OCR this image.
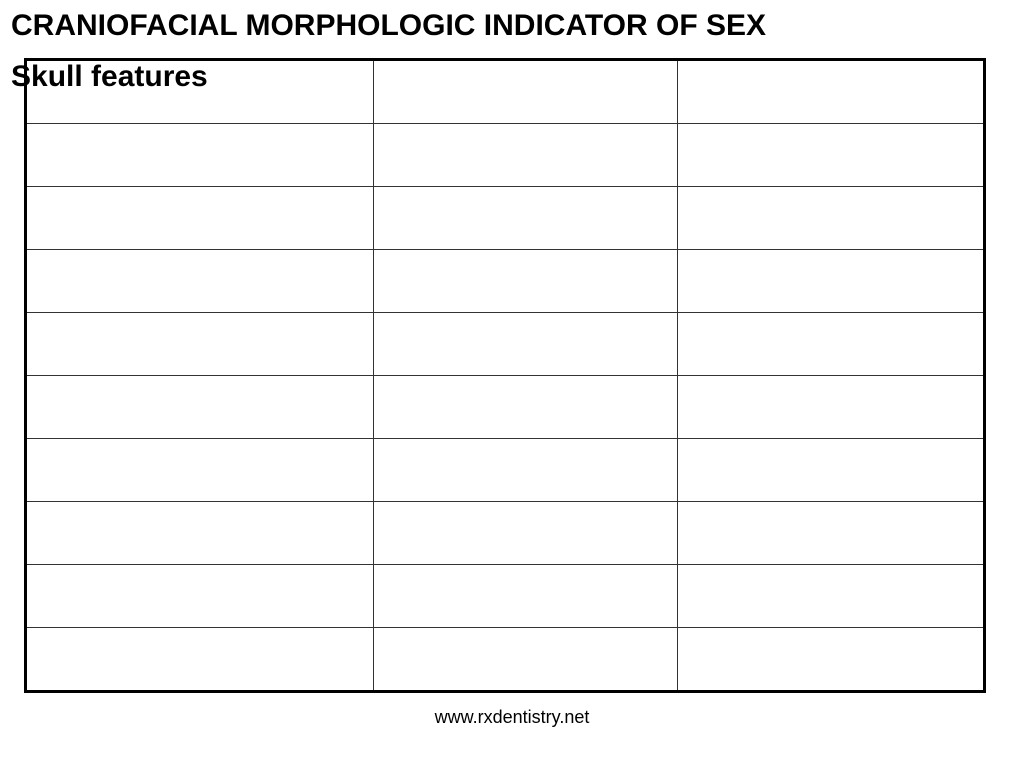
CRANIOFACIAL MORPHOLOGIC INDICATOR OF SEX

Skull features
www.rxdentistry.net
